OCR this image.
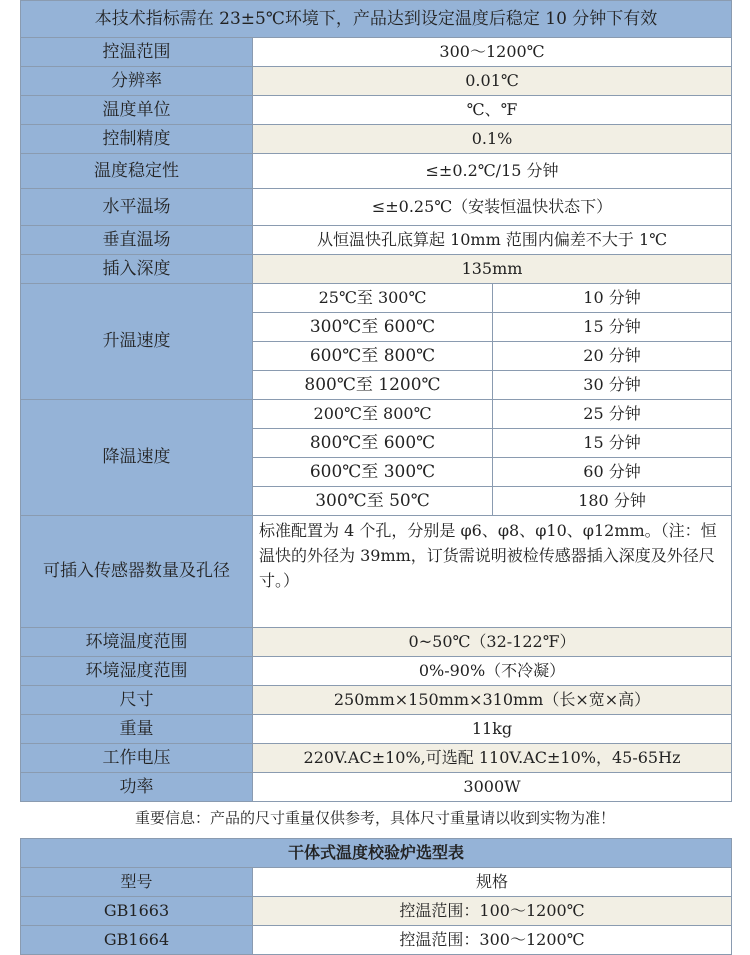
本技术指标需在 23±5℃环境下，产品达到设定温度后稳定 10 分钟下有效		
控温范围	300～1200℃	
分辨率	0.01℃	
温度单位	℃、℉	
控制精度	0.1%	
温度稳定性	≤±0.2℃/15 分钟	
水平温场	≤±0.25℃（安装恒温快状态下）	
垂直温场	从恒温快孔底算起 10mm 范围内偏差不大于 1℃	
插入深度	135mm	
升温速度	25℃至 300℃	10 分钟
	300℃至 600℃	15 分钟
	600℃至 800℃	20 分钟
	800℃至 1200℃	30 分钟
降温速度	200℃至 800℃	25 分钟
	800℃至 600℃	15 分钟
	600℃至 300℃	60 分钟
	300℃至 50℃	180 分钟
可插入传感器数量及孔径	标准配置为 4 个孔，分别是 φ6、φ8、φ10、φ12mm。（注：恒温快的外径为 39mm，订货需说明被检传感器插入深度及外径尺寸。）	
环境温度范围	0~50℃（32-122℉）	
环境湿度范围	0%-90%（不冷凝）	
尺寸	250mm×150mm×310mm（长×宽×高）	
重量	11kg	
工作电压	220V.AC±10%,可选配 110V.AC±10%，45-65Hz	
功率	3000W	
重要信息：产品的尺寸重量仅供参考，具体尺寸重量请以收到实物为准！
干体式温度校验炉选型表	
型号	规格
GB1663	控温范围：100～1200℃
GB1664	控温范围：300～1200℃
